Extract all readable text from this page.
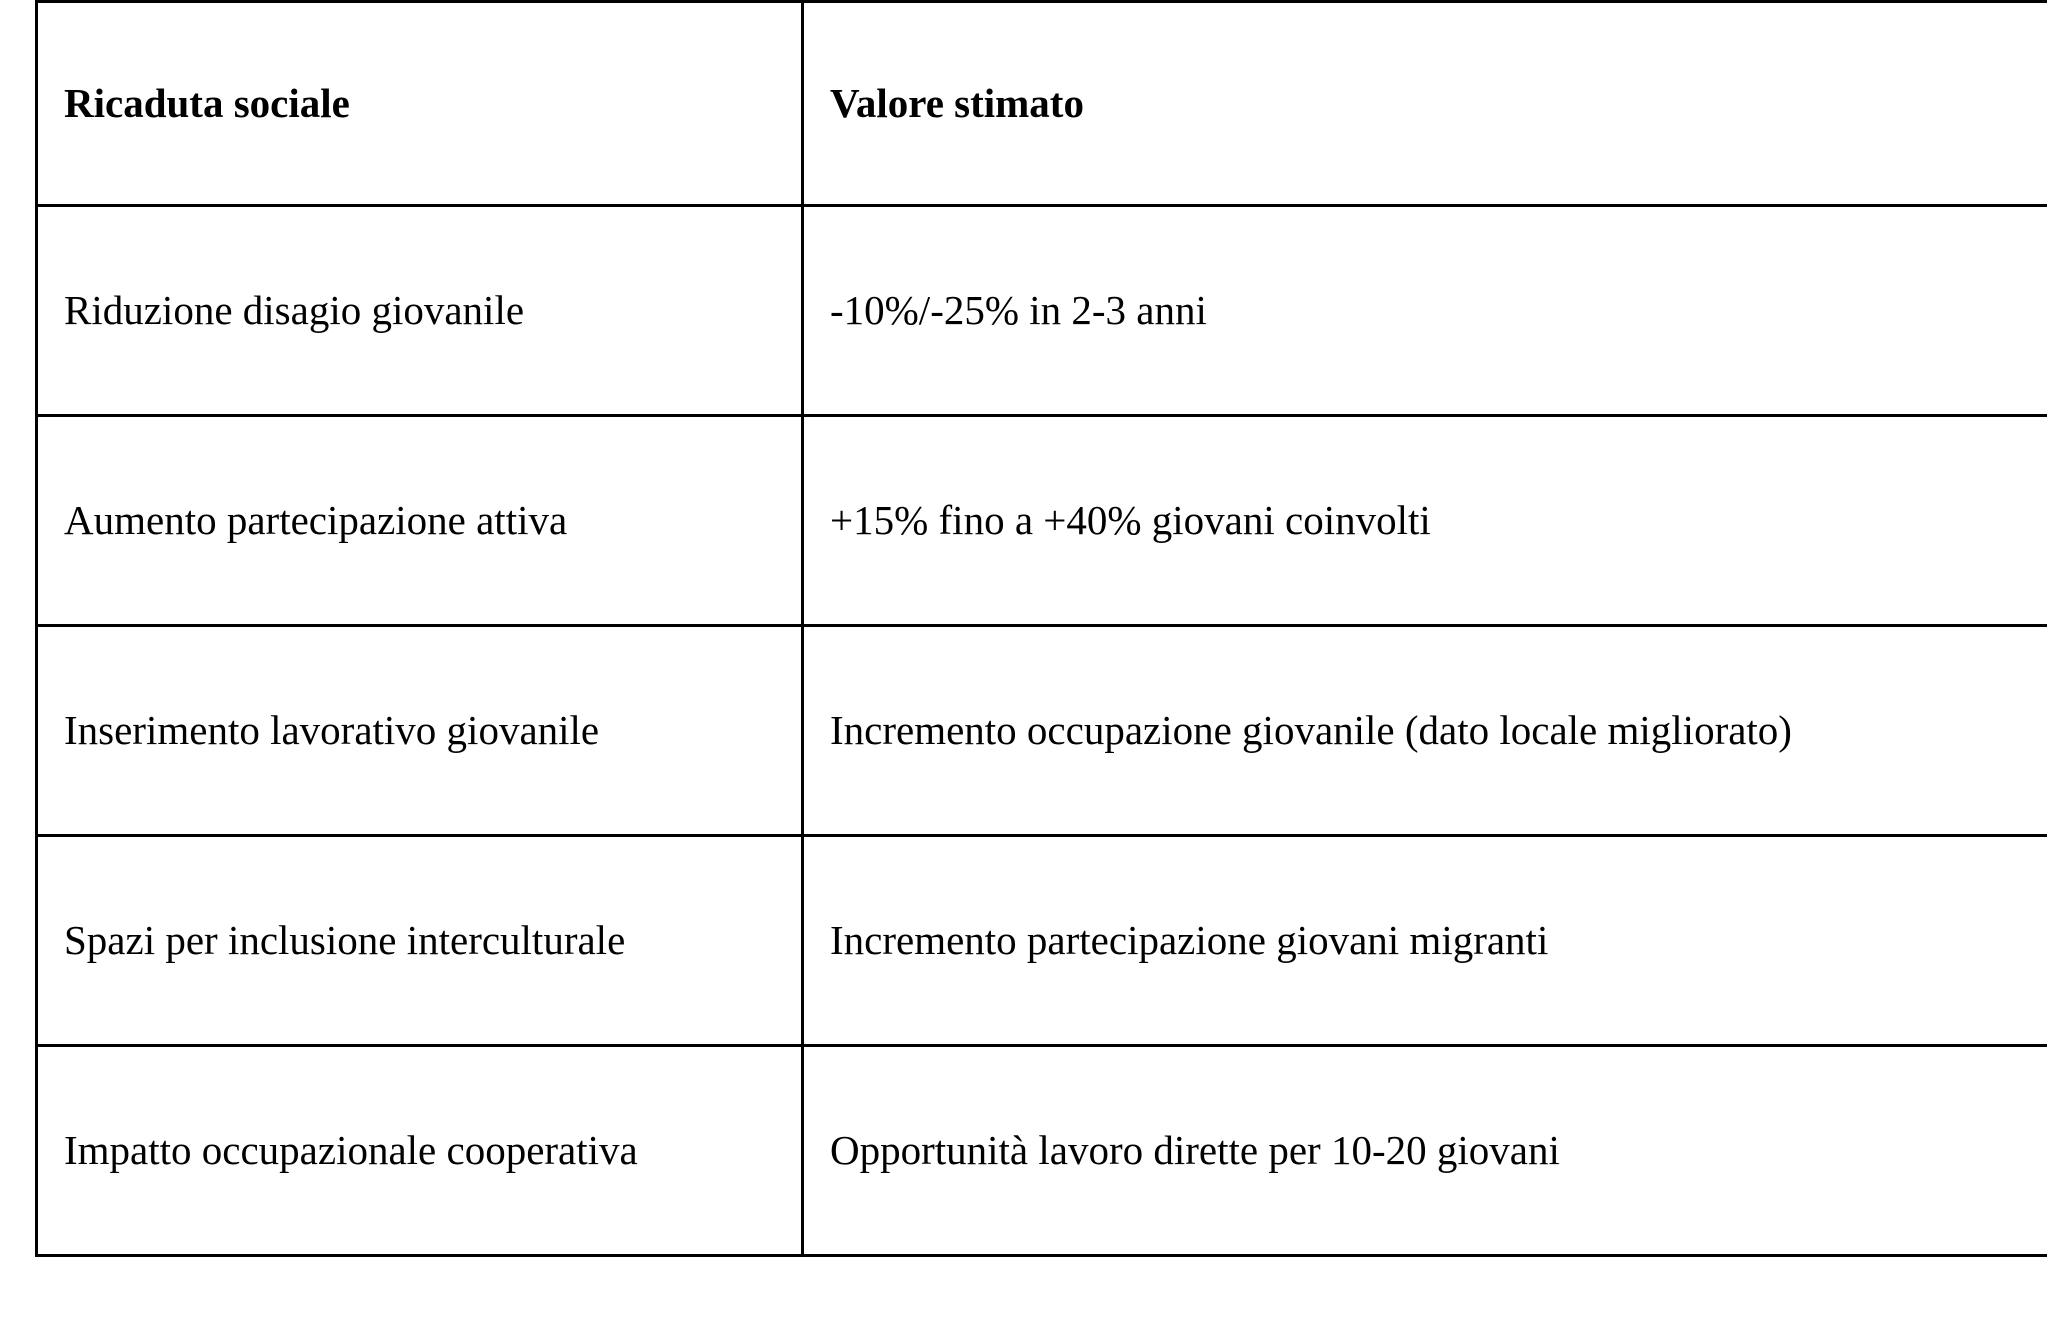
Ricaduta sociale	Valore stimato
Riduzione disagio giovanile	-10%/-25% in 2-3 anni
Aumento partecipazione attiva	+15% fino a +40% giovani coinvolti
Inserimento lavorativo giovanile	Incremento occupazione giovanile (dato locale migliorato)
Spazi per inclusione interculturale	Incremento partecipazione giovani migranti
Impatto occupazionale cooperativa	Opportunità lavoro dirette per 10-20 giovani
